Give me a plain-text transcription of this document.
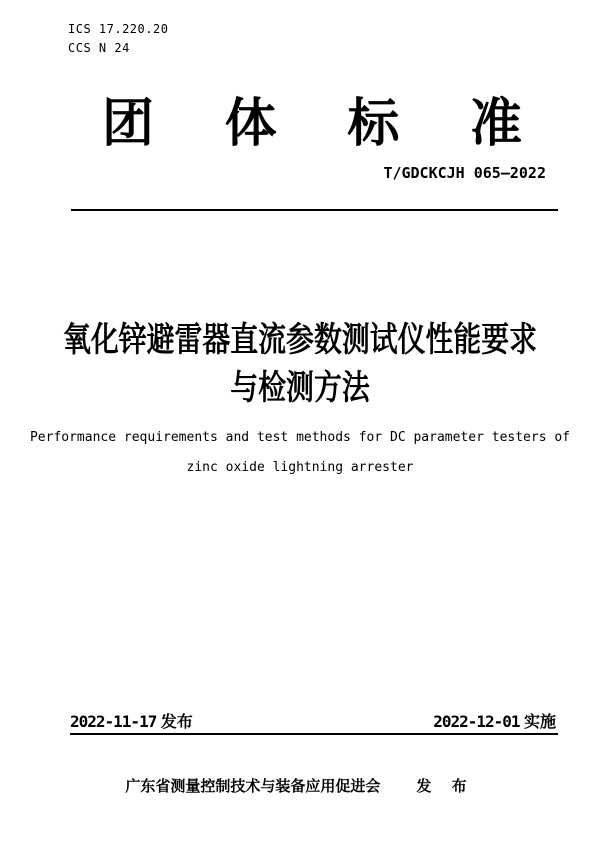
ICS 17.220.20
CCS N 24
团 体 标 准
T/GDCKCJH 065—2022
氧化锌避雷器直流参数测试仪性能要求
与检测方法
Performance requirements and test methods for DC parameter testers of
zinc oxide lightning arrester
2022-11-17 发布	2022-12-01 实施
广东省测量控制技术与装备应用促进会 发 布
